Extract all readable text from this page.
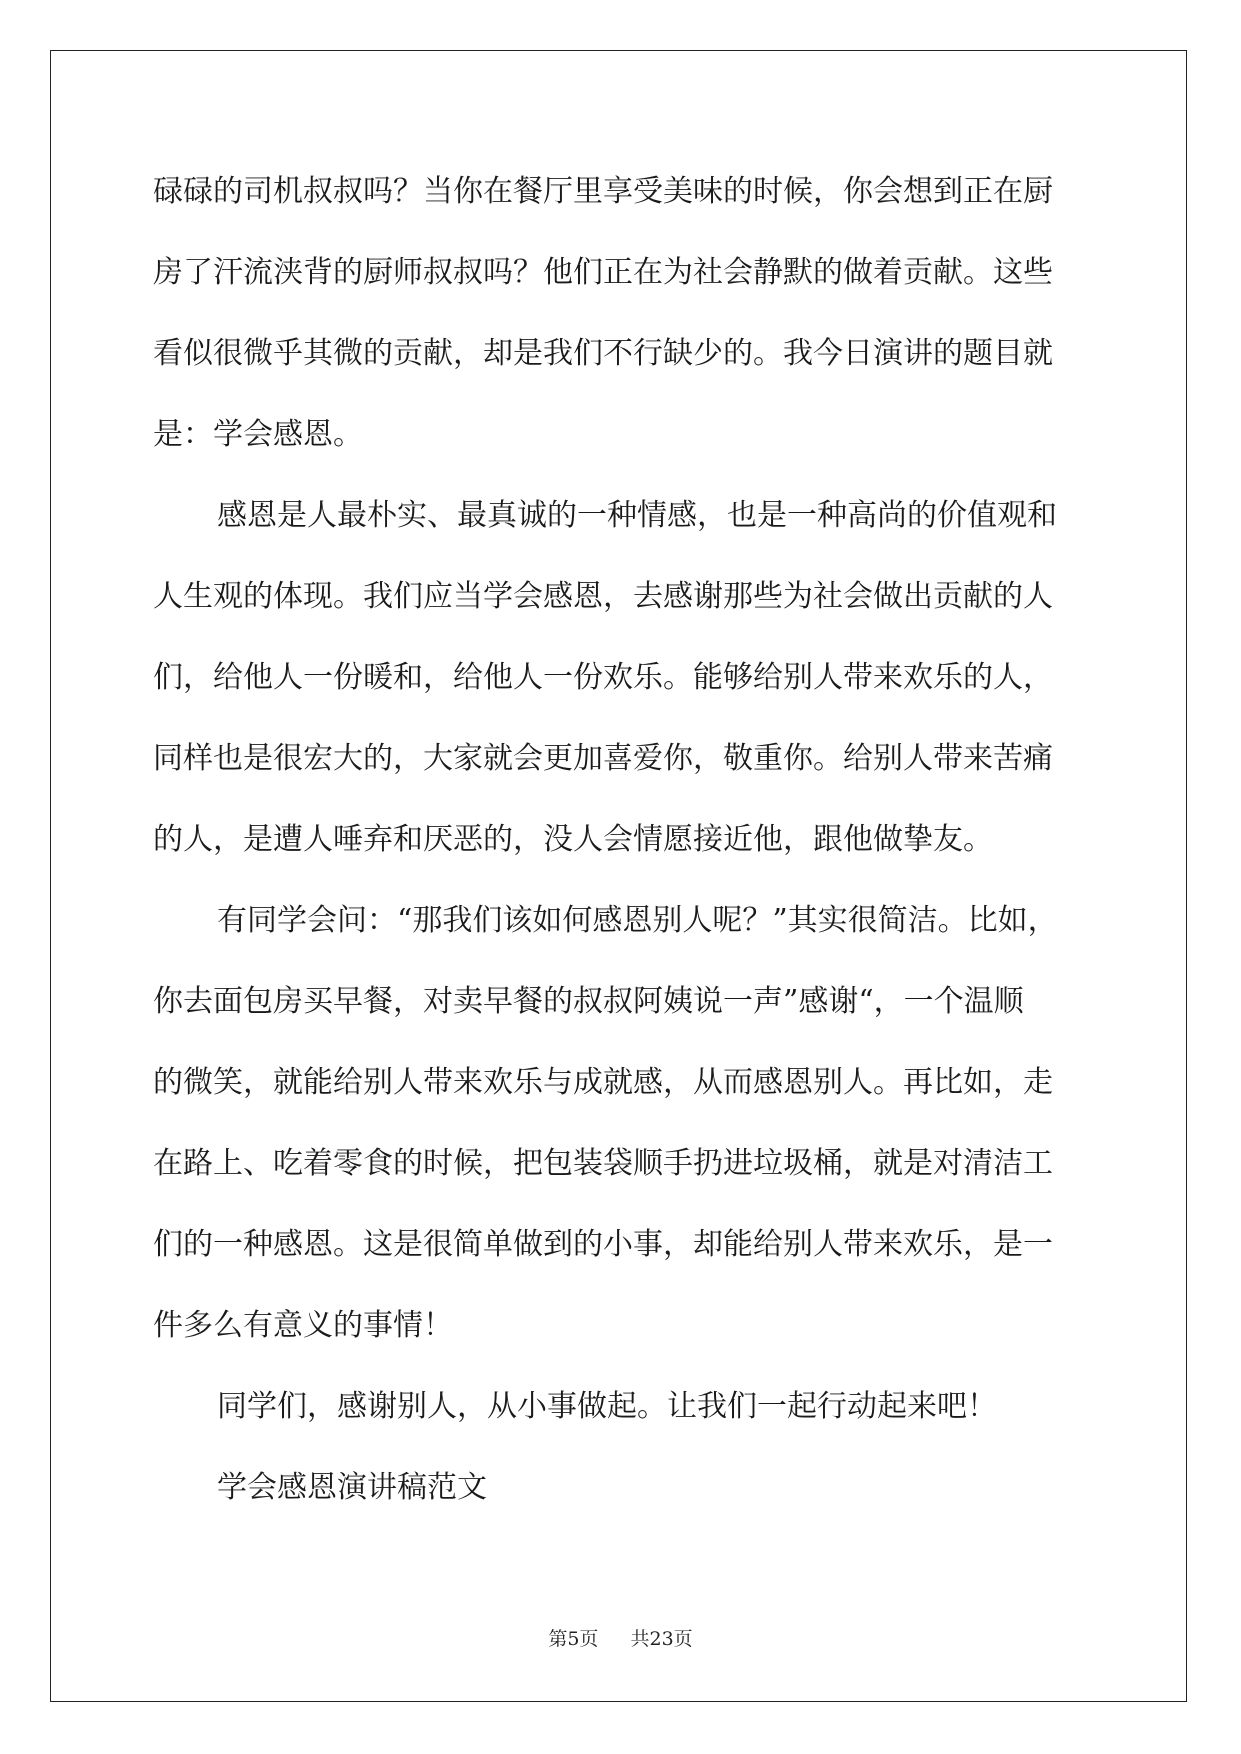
碌碌的司机叔叔吗？当你在餐厅里享受美味的时候，你会想到正在厨
房了汗流浃背的厨师叔叔吗？他们正在为社会静默的做着贡献。这些
看似很微乎其微的贡献，却是我们不行缺少的。我今日演讲的题目就
是：学会感恩。
感恩是人最朴实、最真诚的一种情感，也是一种高尚的价值观和
人生观的体现。我们应当学会感恩，去感谢那些为社会做出贡献的人
们，给他人一份暖和，给他人一份欢乐。能够给别人带来欢乐的人，
同样也是很宏大的，大家就会更加喜爱你，敬重你。给别人带来苦痛
的人，是遭人唾弃和厌恶的，没人会情愿接近他，跟他做挚友。
有同学会问：“那我们该如何感恩别人呢？”其实很简洁。比如，
你去面包房买早餐，对卖早餐的叔叔阿姨说一声”感谢“，一个温顺
的微笑，就能给别人带来欢乐与成就感，从而感恩别人。再比如，走
在路上、吃着零食的时候，把包装袋顺手扔进垃圾桶，就是对清洁工
们的一种感恩。这是很简单做到的小事，却能给别人带来欢乐，是一
件多么有意义的事情！
同学们，感谢别人，从小事做起。让我们一起行动起来吧！
学会感恩演讲稿范文
第5页 共23页
